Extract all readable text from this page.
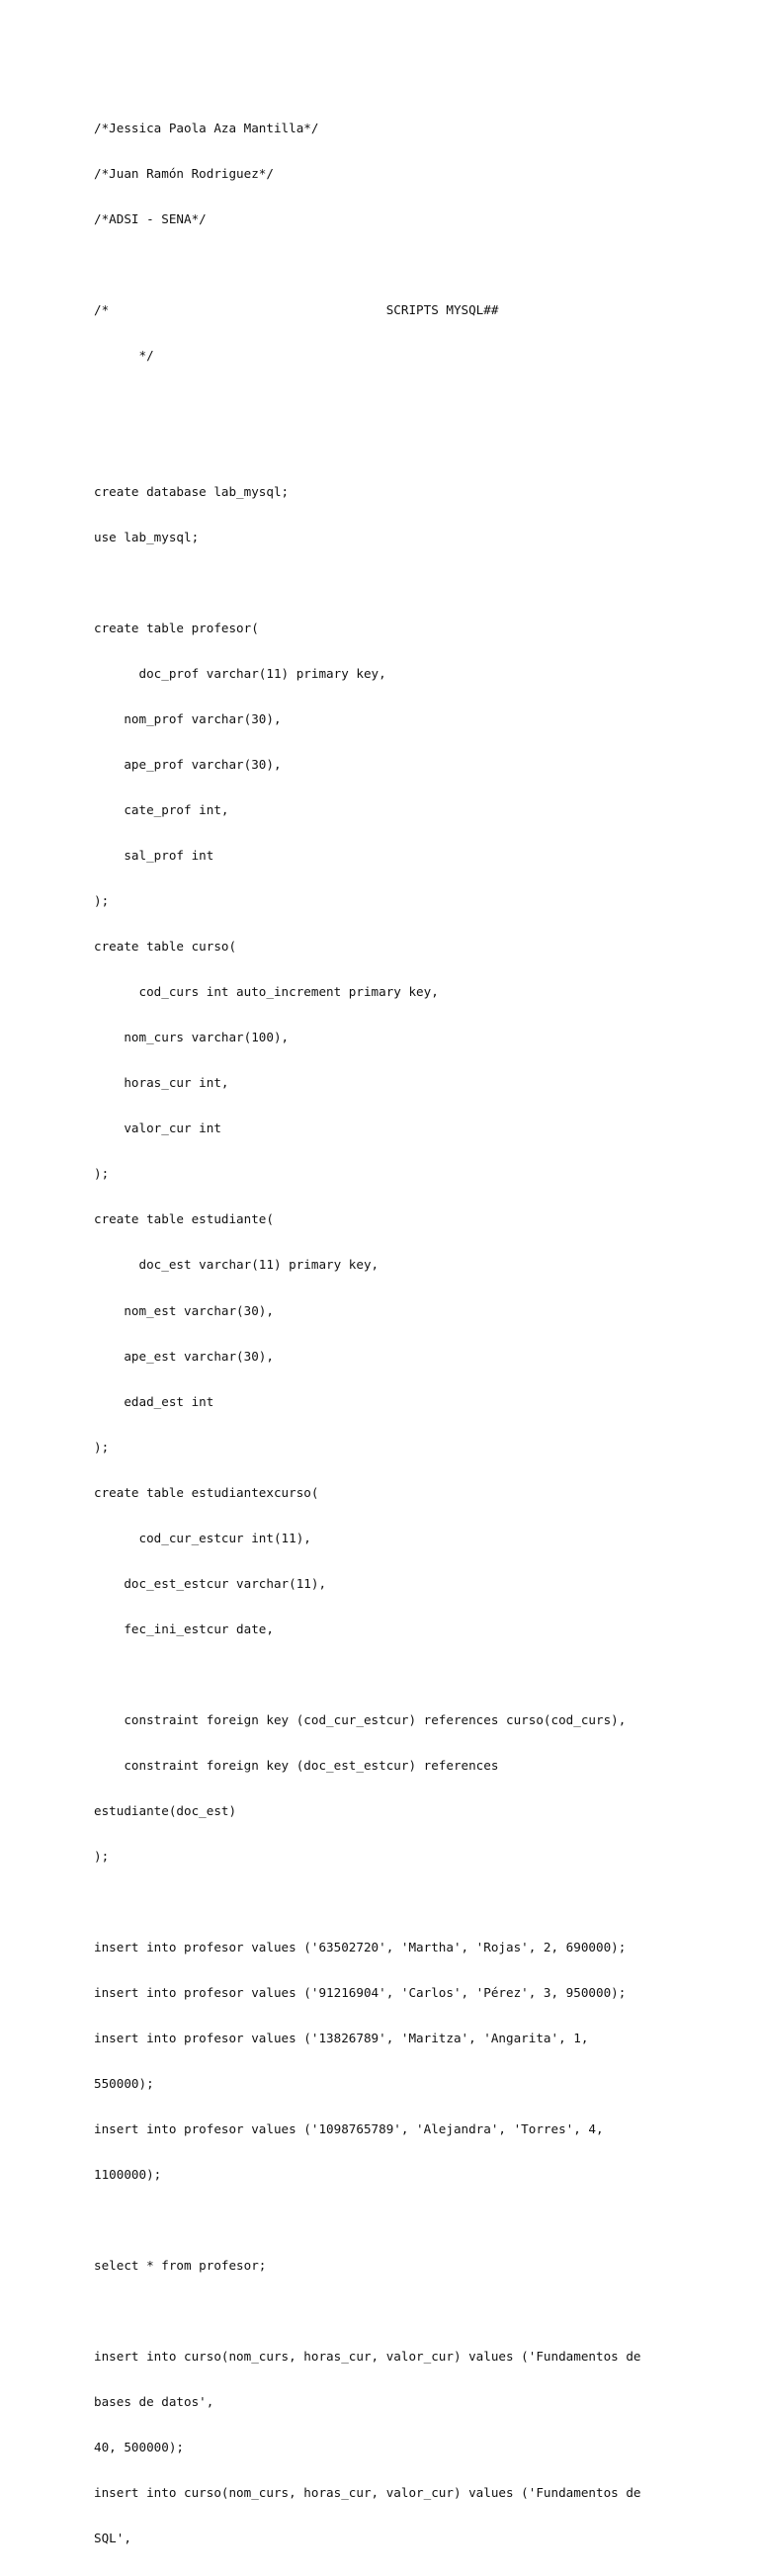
/*Jessica Paola Aza Mantilla*/

/*Juan Ramón Rodriguez*/

/*ADSI - SENA*/

/*                                     SCRIPTS MYSQL##

*/

create database lab_mysql;

use lab_mysql;

create table profesor(

doc_prof varchar(11) primary key,

nom_prof varchar(30),

ape_prof varchar(30),

cate_prof int,

sal_prof int

);

create table curso(

cod_curs int auto_increment primary key,

nom_curs varchar(100),

horas_cur int,

valor_cur int

);

create table estudiante(

doc_est varchar(11) primary key,

nom_est varchar(30),

ape_est varchar(30),

edad_est int

);

create table estudiantexcurso(

cod_cur_estcur int(11),

doc_est_estcur varchar(11),

fec_ini_estcur date,

constraint foreign key (cod_cur_estcur) references curso(cod_curs),

constraint foreign key (doc_est_estcur) references

estudiante(doc_est)

);

insert into profesor values ('63502720', 'Martha', 'Rojas', 2, 690000);

insert into profesor values ('91216904', 'Carlos', 'Pérez', 3, 950000);

insert into profesor values ('13826789', 'Maritza', 'Angarita', 1,

550000);

insert into profesor values ('1098765789', 'Alejandra', 'Torres', 4,

1100000);

select * from profesor;

insert into curso(nom_curs, horas_cur, valor_cur) values ('Fundamentos de

bases de datos',

40, 500000);

insert into curso(nom_curs, horas_cur, valor_cur) values ('Fundamentos de

SQL',
